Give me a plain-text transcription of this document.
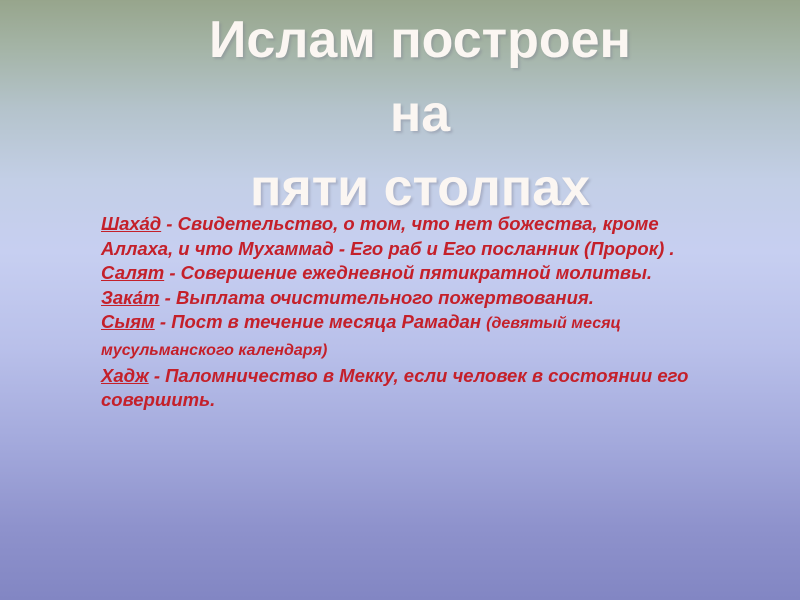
Ислам построен
на
пяти столпах

Шаха́д - Свидетельство, о том, что нет божества, кроме Аллаха, и что Мухаммад - Его раб и Его посланник (Пророк) .

Салят - Совершение ежедневной пятикратной молитвы.

Зака́т - Выплата очистительного пожертвования.

Сыям - Пост в течение месяца Рамадан (девятый месяц мусульманского календаря)

Хадж - Паломничество в Мекку, если человек в состоянии его совершить.
